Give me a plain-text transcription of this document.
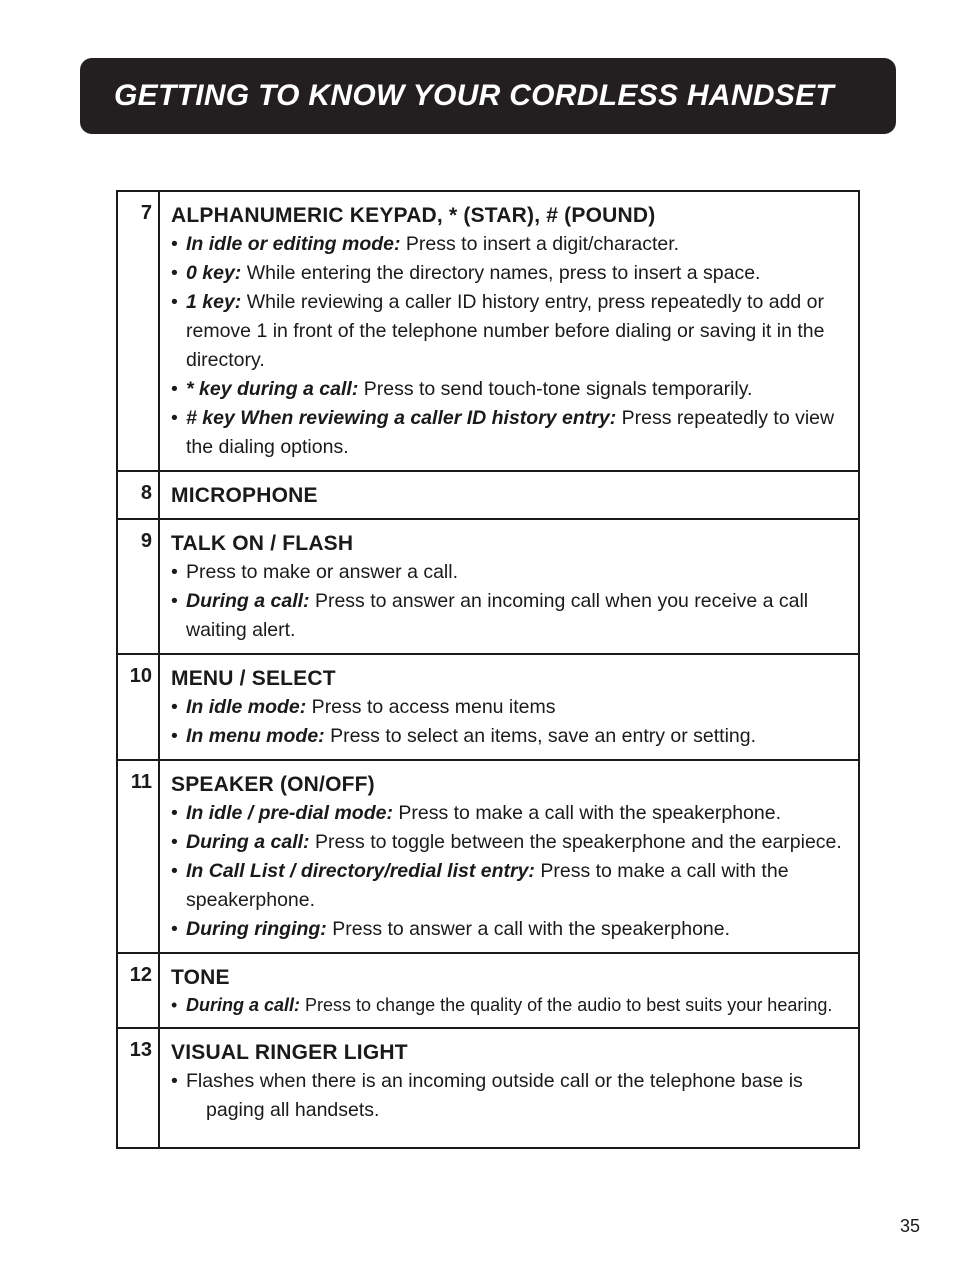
GETTING TO KNOW YOUR CORDLESS HANDSET
7 ALPHANUMERIC KEYPAD, * (STAR), # (POUND)
• In idle or editing mode: Press to insert a digit/character.
• 0 key: While entering the directory names, press to insert a space.
• 1 key: While reviewing a caller ID history entry, press repeatedly to add or remove 1 in front of the telephone number before dialing or saving it in the directory.
• * key during a call: Press to send touch-tone signals temporarily.
• # key When reviewing a caller ID history entry: Press repeatedly to view the dialing options.
8 MICROPHONE
9 TALK ON / FLASH
• Press to make or answer a call.
• During a call: Press to answer an incoming call when you receive a call waiting alert.
10 MENU / SELECT
• In idle mode: Press to access menu items
• In menu mode: Press to select an items, save an entry or setting.
11 SPEAKER (ON/OFF)
• In idle / pre-dial mode: Press to make a call with the speakerphone.
• During a call: Press to toggle between the speakerphone and the earpiece.
• In Call List / directory/redial list entry: Press to make a call with the speakerphone.
• During ringing: Press to answer a call with the speakerphone.
12 TONE
• During a call: Press to change the quality of the audio to best suits your hearing.
13 VISUAL RINGER LIGHT
• Flashes when there is an incoming outside call or the telephone base is paging all handsets.
35
